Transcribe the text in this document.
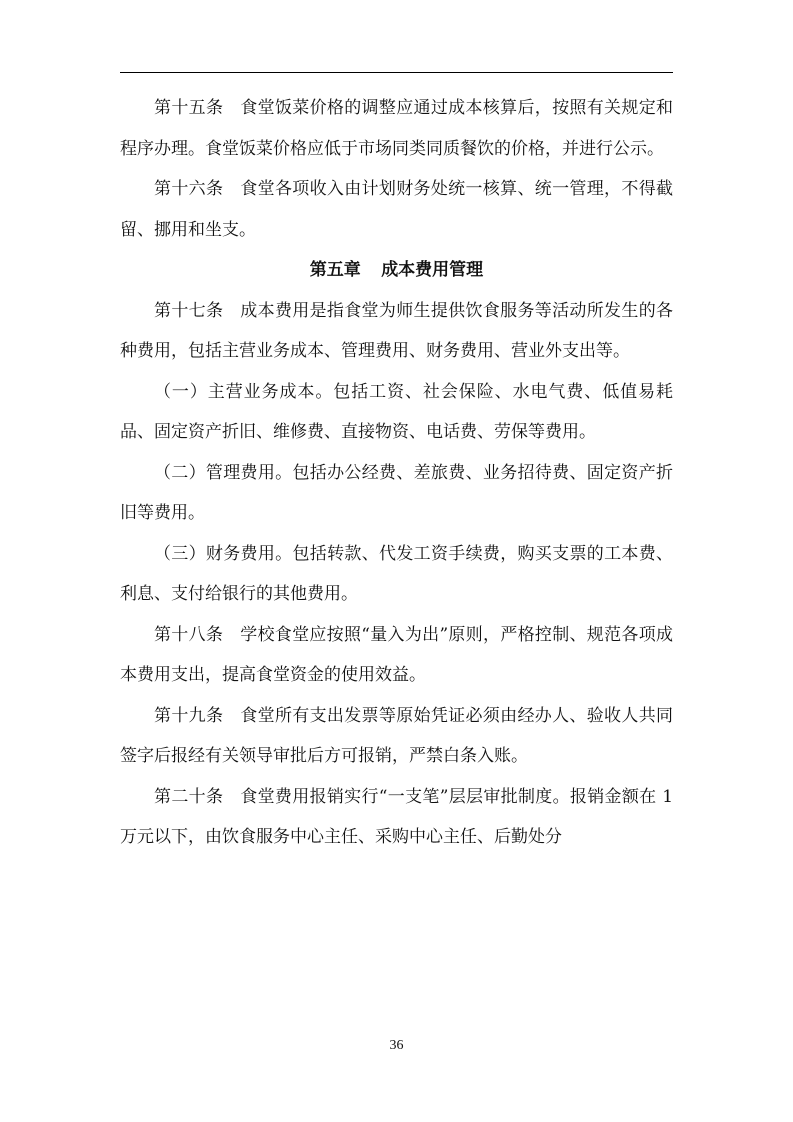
第十五条 食堂饭菜价格的调整应通过成本核算后，按照有关规定和程序办理。食堂饭菜价格应低于市场同类同质餐饮的价格，并进行公示。

第十六条 食堂各项收入由计划财务处统一核算、统一管理，不得截留、挪用和坐支。

第五章 成本费用管理

第十七条 成本费用是指食堂为师生提供饮食服务等活动所发生的各种费用，包括主营业务成本、管理费用、财务费用、营业外支出等。

（一）主营业务成本。包括工资、社会保险、水电气费、低值易耗品、固定资产折旧、维修费、直接物资、电话费、劳保等费用。

（二）管理费用。包括办公经费、差旅费、业务招待费、固定资产折旧等费用。

（三）财务费用。包括转款、代发工资手续费，购买支票的工本费、利息、支付给银行的其他费用。

第十八条 学校食堂应按照“量入为出”原则，严格控制、规范各项成本费用支出，提高食堂资金的使用效益。

第十九条 食堂所有支出发票等原始凭证必须由经办人、验收人共同签字后报经有关领导审批后方可报销，严禁白条入账。

第二十条 食堂费用报销实行“一支笔”层层审批制度。报销金额在 1 万元以下，由饮食服务中心主任、采购中心主任、后勤处分

36
